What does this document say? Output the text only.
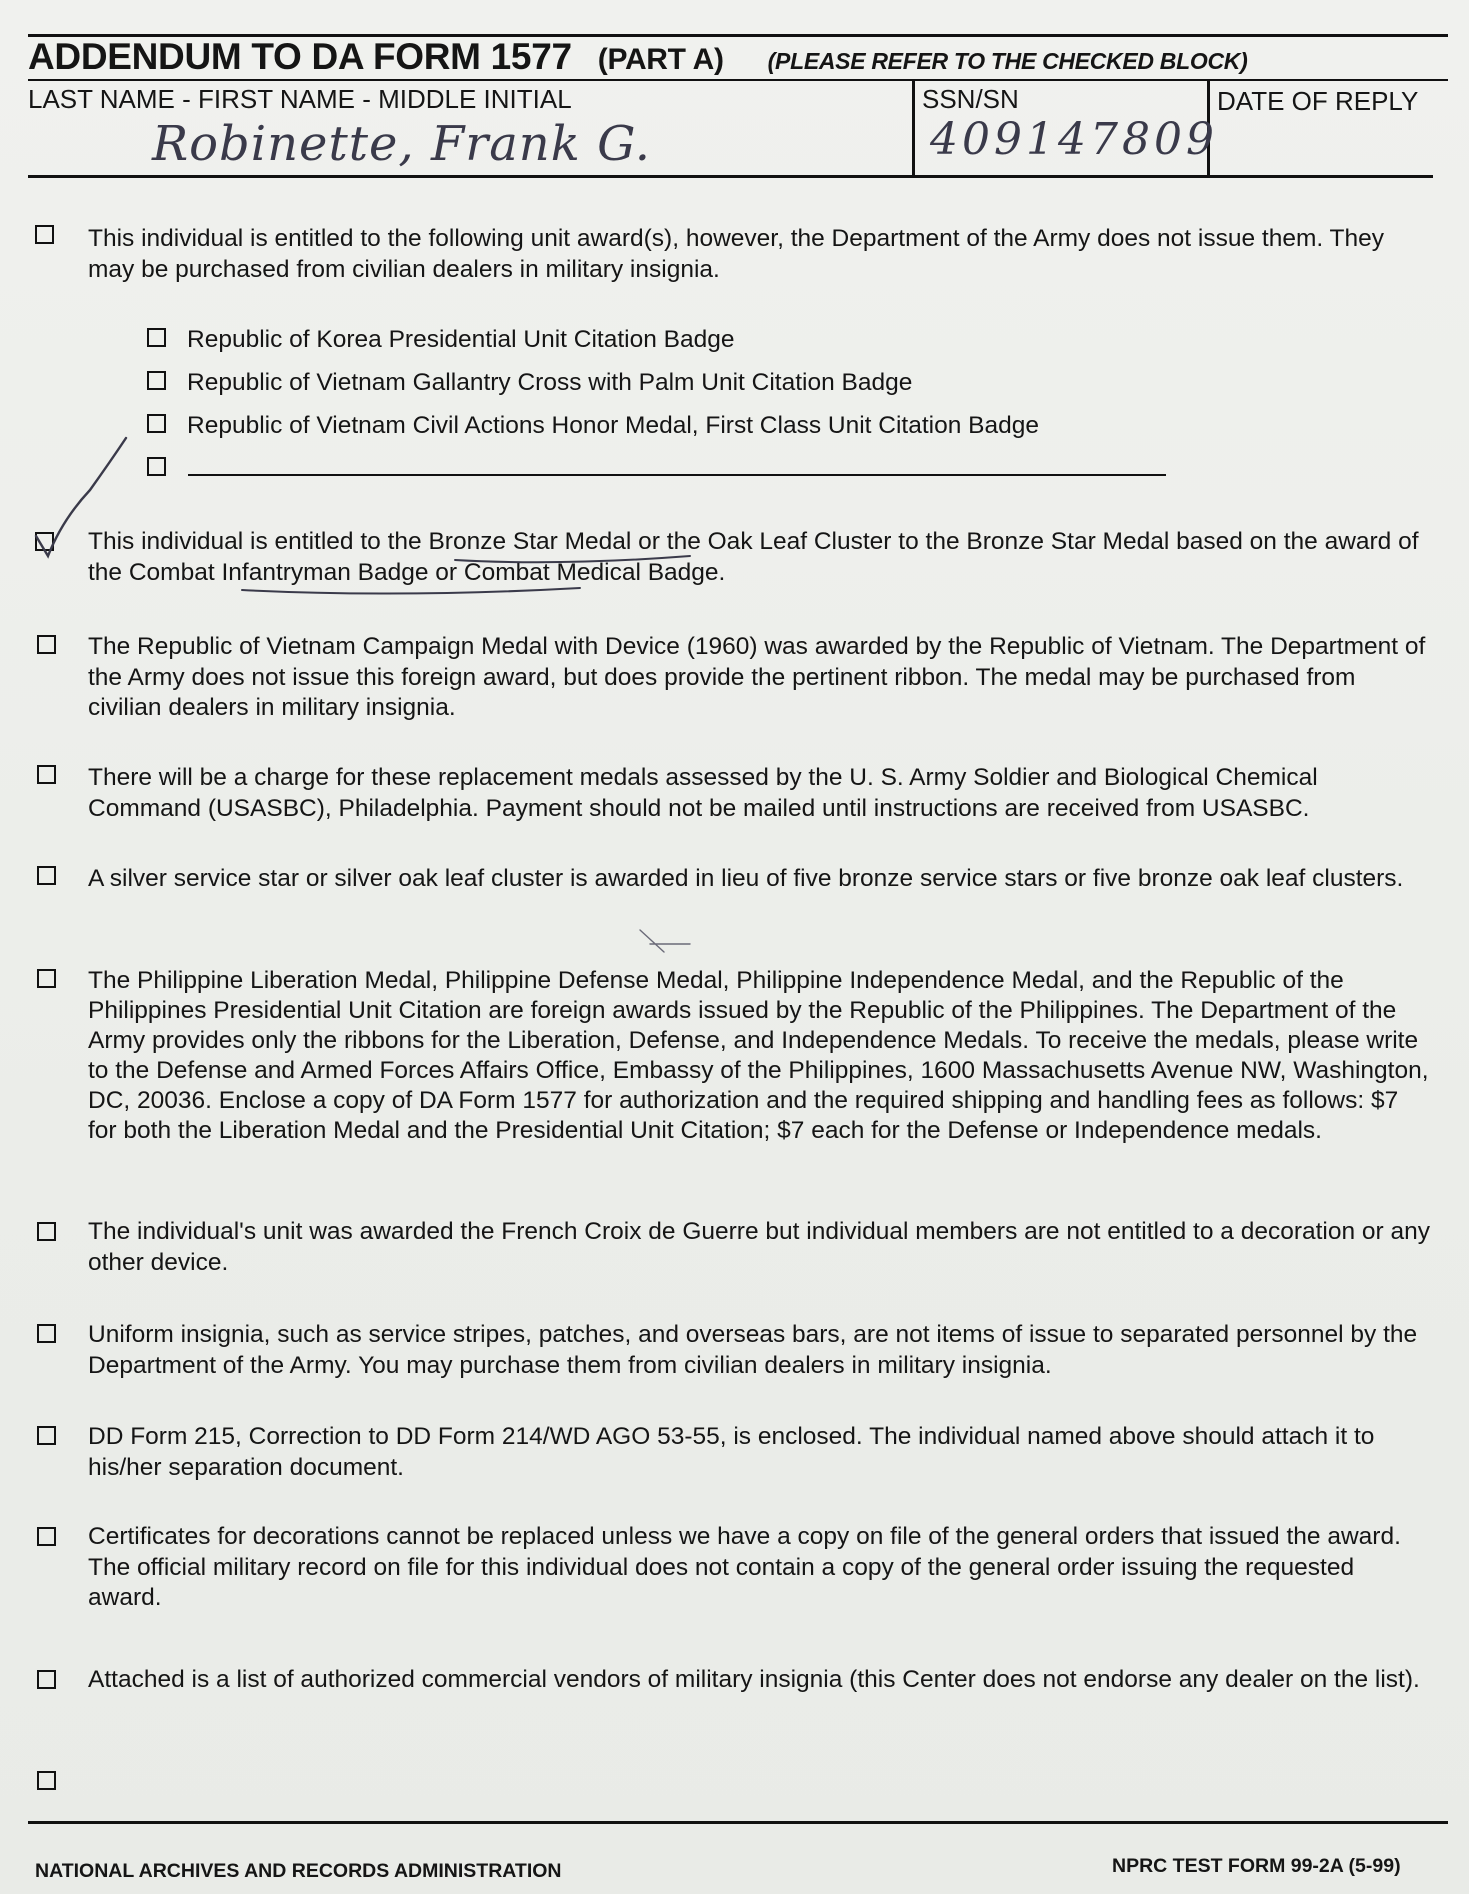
ADDENDUM TO DA FORM 1577 (PART A) (PLEASE REFER TO THE CHECKED BLOCK)
LAST NAME - FIRST NAME - MIDDLE INITIAL	SSN/SN	DATE OF REPLY
Robinette, Frank G.	409147809
This individual is entitled to the following unit award(s), however, the Department of the Army does not issue them. They may be purchased from civilian dealers in military insignia.
Republic of Korea Presidential Unit Citation Badge
Republic of Vietnam Gallantry Cross with Palm Unit Citation Badge
Republic of Vietnam Civil Actions Honor Medal, First Class Unit Citation Badge
This individual is entitled to the Bronze Star Medal or the Oak Leaf Cluster to the Bronze Star Medal based on the award of the Combat Infantryman Badge or Combat Medical Badge.
The Republic of Vietnam Campaign Medal with Device (1960) was awarded by the Republic of Vietnam. The Department of the Army does not issue this foreign award, but does provide the pertinent ribbon. The medal may be purchased from civilian dealers in military insignia.
There will be a charge for these replacement medals assessed by the U. S. Army Soldier and Biological Chemical Command (USASBC), Philadelphia. Payment should not be mailed until instructions are received from USASBC.
A silver service star or silver oak leaf cluster is awarded in lieu of five bronze service stars or five bronze oak leaf clusters.
The Philippine Liberation Medal, Philippine Defense Medal, Philippine Independence Medal, and the Republic of the Philippines Presidential Unit Citation are foreign awards issued by the Republic of the Philippines. The Department of the Army provides only the ribbons for the Liberation, Defense, and Independence Medals. To receive the medals, please write to the Defense and Armed Forces Affairs Office, Embassy of the Philippines, 1600 Massachusetts Avenue NW, Washington, DC, 20036. Enclose a copy of DA Form 1577 for authorization and the required shipping and handling fees as follows: $7 for both the Liberation Medal and the Presidential Unit Citation; $7 each for the Defense or Independence medals.
The individual's unit was awarded the French Croix de Guerre but individual members are not entitled to a decoration or any other device.
Uniform insignia, such as service stripes, patches, and overseas bars, are not items of issue to separated personnel by the Department of the Army. You may purchase them from civilian dealers in military insignia.
DD Form 215, Correction to DD Form 214/WD AGO 53-55, is enclosed. The individual named above should attach it to his/her separation document.
Certificates for decorations cannot be replaced unless we have a copy on file of the general orders that issued the award. The official military record on file for this individual does not contain a copy of the general order issuing the requested award.
Attached is a list of authorized commercial vendors of military insignia (this Center does not endorse any dealer on the list).
NATIONAL ARCHIVES AND RECORDS ADMINISTRATION	NPRC TEST FORM 99-2A (5-99)
